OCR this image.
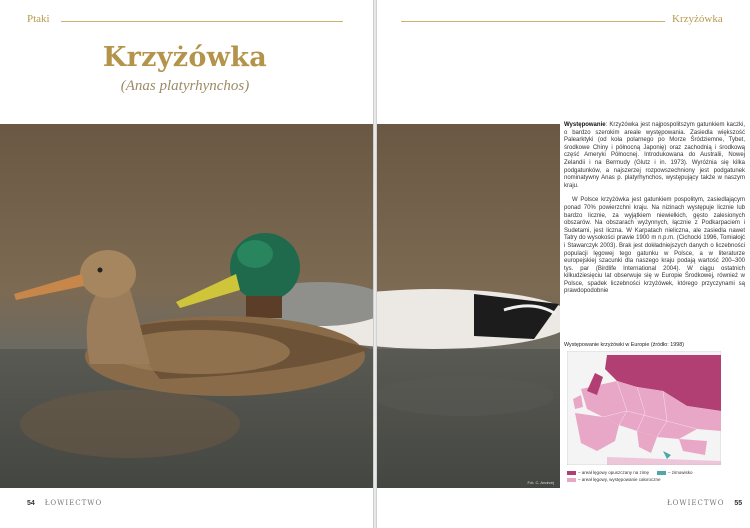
Ptaki
Krzyżówka
(Anas platyrhynchos)
54 ŁOWIECTWO
Krzyżówka
Fot. C. Andrzej

Występowanie: Krzyżówka jest najpospolitszym gatunkiem kaczki, o bardzo szerokim areale występowania. Zasiedla większość Palearktyki (od koła polarnego po Morze Śródziemne, Tybet, środkowe Chiny i północną Japonię) oraz zachodnią i środkową część Ameryki Północnej. Introdukowana do Australii, Nowej Zelandii i na Bermudy (Glutz i in. 1973). Wyróżnia się kilka podgatunków, a najszerzej rozpowszechniony jest podgatunek nominatywny Anas p. platyrhynchos, występujący także w naszym kraju.

W Polsce krzyżówka jest gatunkiem pospolitym, zasiedlającym ponad 70% powierzchni kraju. Na nizinach występuje licznie lub bardzo licznie, za wyjątkiem niewielkich, gęsto zalesionych obszarów. Na obszarach wyżynnych, łącznie z Podkarpaciem i Sudetami, jest liczna. W Karpatach nieliczna, ale zasiedla nawet Tatry do wysokości prawie 1900 m n.p.m. (Cichocki 1996, Tomiałojć i Stawarczyk 2003). Brak jest dokładniejszych danych o liczebności populacji lęgowej tego gatunku w Polsce, a w literaturze europejskiej szacunki dla naszego kraju podają wartość 200–300 tys. par (Birdlife International 2004). W ciągu ostatnich kilkudziesięciu lat obserwuje się w Europie Środkowej, również w Polsce, spadek liczebności krzyżówek, którego przyczynami są prawdopodobnie

Występowanie krzyżówki w Europie (źródło: 1998)
– areał lęgowy opuszczany na zimę	– zimowisko
– areał lęgowy, występowanie całoroczne
ŁOWIECTWO 55
